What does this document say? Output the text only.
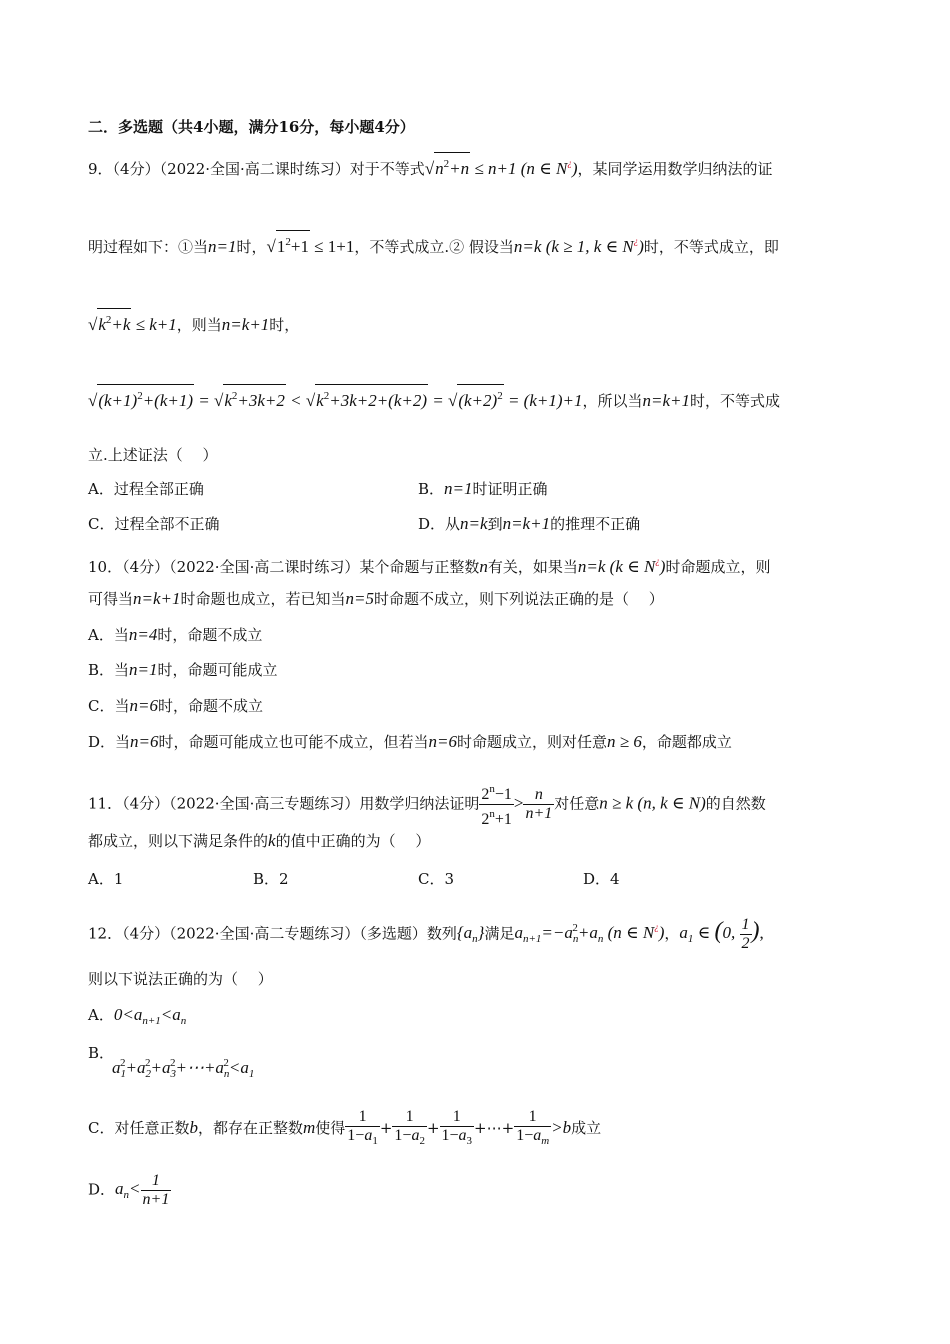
二．多选题（共4小题，满分16分，每小题4分）
9．（4分）（2022·全国·高二课时练习）对于不等式$√n^2+n \le n+1$ (n ∈ N¿)，某同学运用数学归纳法的证
明过程如下：①当n=1时，$√1^2+1 \le 1+1$，不等式成立.② 假设当n=k (k ≥ 1, k ∈ N¿)时，不等式成立，即
$√k^2+k \le k+1$，则当n=k+1时，
$√(k+1)^2+(k+1) = √k^2+3k+2 < √k^2+3k+2+(k+2) = √(k+2)^2 = (k+1)+1$，所以当n=k+1时，不等式成
立.上述证法（　 ）
A．过程全部正确	B．n=1时证明正确
C．过程全部不正确	D．从n=k到n=k+1的推理不正确
10．（4分）（2022·全国·高二课时练习）某个命题与正整数n有关，如果当n=k (k ∈ N¿)时命题成立，则
可得当n=k+1时命题也成立，若已知当n=5时命题不成立，则下列说法正确的是（　 ）
A．当n=4时，命题不成立
B．当n=1时，命题可能成立
C．当n=6时，命题不成立
D．当n=6时，命题可能成立也可能不成立，但若当n=6时命题成立，则对任意n ≥ 6，命题都成立
11．（4分）（2022·全国·高三专题练习）用数学归纳法证明 $\frac{2^n-1}{2^n+1} > \frac{n}{n+1}$ 对任意n ≥ k (n, k ∈ N)的自然数
都成立，则以下满足条件的k的值中正确的为（　 ）
A．1	B．2	C．3	D．4
12．（4分）（2022·全国·高二专题练习）（多选题）数列$\{a_n\}$满足$a_{n+1}=-a_n^2+a_n$ (n ∈ N¿)，$a_1$ ∈ (0, $\frac{1}{2}$ ),
则以下说法正确的为（　 ）
A．$0<a_{n+1}<a_n$
B．
$a_1^2+a_2^2+a_3^2+\cdots+a_n^2<a_1$
C．对任意正数b，都存在正整数m使得 $\frac{1}{1-a_1} + \frac{1}{1-a_2} + \frac{1}{1-a_3}$ +⋯+ $\frac{1}{1-a_m} >b$成立
D．$a_n< \frac{1}{n+1}$
